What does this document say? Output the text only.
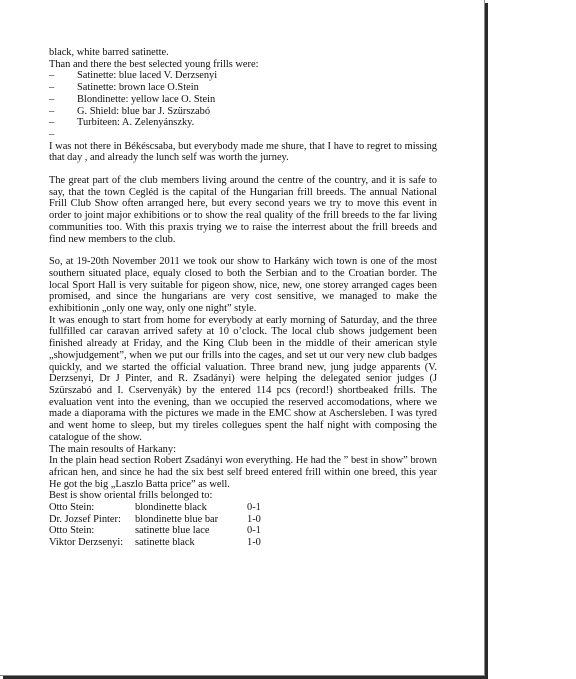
black, white barred satinette.

Than and there the best selected young frills were:

–	Satinette: blue laced V. Derzsenyi
–	Satinette: brown lace O.Stein
–	Blondinette: yellow lace O. Stein
–	G. Shield: blue bar J. Szürszabó
–	Turbiteen: A. Zelenyánszky.
–

I was not there in Békéscsaba, but everybody made me shure, that I have to regret to missing that day , and already the lunch self was worth the jurney.

The great part of the club members living around the centre of the country, and it is safe to say, that the town Cegléd is the capital of the Hungarian frill breeds. The annual National Frill Club Show often arranged here, but every second years we try to move this event in order to joint major exhibitions or to show the real quality of the frill breeds to the far living communities too. With this praxis trying we to raise the interrest about the frill breeds and find new members to the club.

So, at 19-20th November 2011 we took our show to Harkány wich town is one of the most southern situated place, equaly closed to both the Serbian and to the Croatian border. The local Sport Hall is very suitable for pigeon show, nice, new, one storey arranged cages been promised, and since the hungarians are very cost sensitive, we managed to make the exhibitionin „only one way, only one night” style.

It was enough to start from home for everybody at early morning of Saturday, and the three fullfilled car caravan arrived safety at 10 o’clock. The local club shows judgement been finished already at Friday, and the King Club been in the middle of their american style „showjudgement”, when we put our frills into the cages, and set ut our very new club badges quickly, and we started the official valuation. Three brand new, jung judge apparents (V. Derzsenyi, Dr J Pinter, and R. Zsadányi) were helping the delegated senior judges (J Szürszabó and I. Cservenyák) by the entered 114 pcs (record!) shortbeaked frills. The evaluation vent into the evening, than we occupied the reserved accomodations, where we made a diaporama with the pictures we made in the EMC show at Aschersleben. I was tyred and went home to sleep, but my tireles collegues spent the half night with composing the catalogue of the show.

The main resoults of Harkany:

In the plain head section Robert Zsadányi won everything. He had the ” best in show” brown african hen, and since he had the six best self breed entered frill within one breed, this year He got the big „Laszlo Batta price” as well.

Best is show oriental frills belonged to:

Otto Stein:	blondinette black	0-1
Dr. Jozsef Pinter:	blondinette blue bar	1-0
Otto Stein:	satinette blue lace	0-1
Viktor Derzsenyi:	satinette black	1-0
